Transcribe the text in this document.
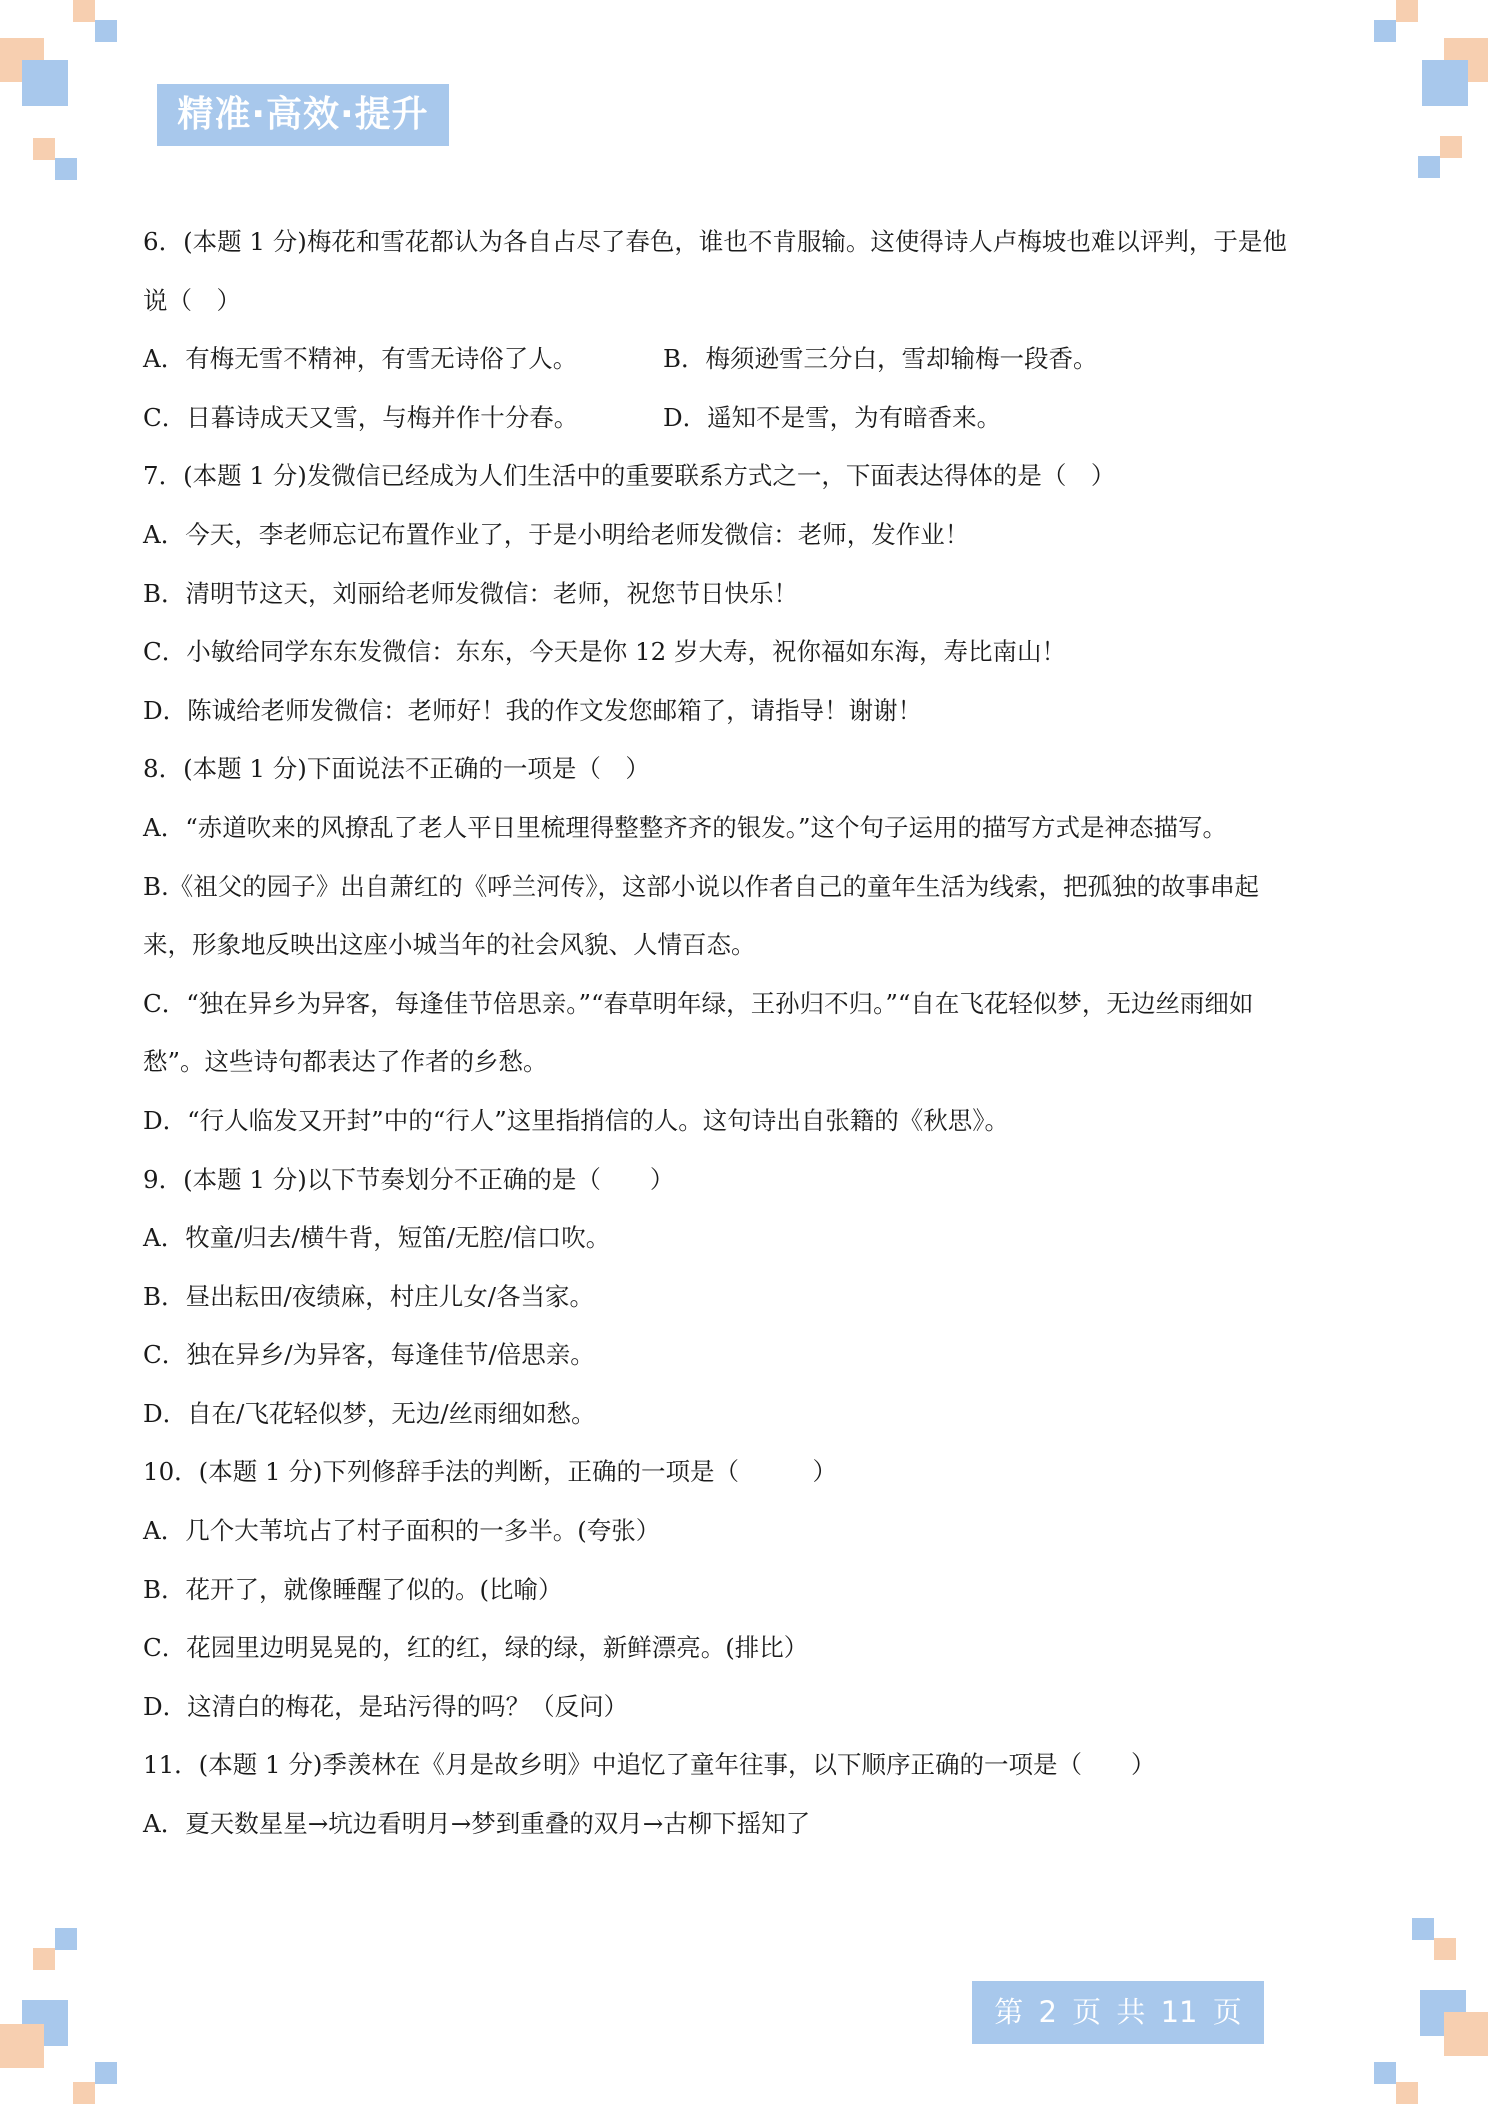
精准·高效·提升
6．(本题 1 分)梅花和雪花都认为各自占尽了春色，谁也不肯服输。这使得诗人卢梅坡也难以评判，于是他
说（　）
A．有梅无雪不精神，有雪无诗俗了人。	B．梅须逊雪三分白，雪却输梅一段香。
C．日暮诗成天又雪，与梅并作十分春。	D．遥知不是雪，为有暗香来。
7．(本题 1 分)发微信已经成为人们生活中的重要联系方式之一，下面表达得体的是（　）
A．今天，李老师忘记布置作业了，于是小明给老师发微信：老师，发作业！
B．清明节这天，刘丽给老师发微信：老师，祝您节日快乐！
C．小敏给同学东东发微信：东东，今天是你 12 岁大寿，祝你福如东海，寿比南山！
D．陈诚给老师发微信：老师好！我的作文发您邮箱了，请指导！谢谢！
8．(本题 1 分)下面说法不正确的一项是（　）
A．“赤道吹来的风撩乱了老人平日里梳理得整整齐齐的银发。”这个句子运用的描写方式是神态描写。
B.《祖父的园子》出自萧红的《呼兰河传》，这部小说以作者自己的童年生活为线索，把孤独的故事串起
来，形象地反映出这座小城当年的社会风貌、人情百态。
C．“独在异乡为异客，每逢佳节倍思亲。”“春草明年绿，王孙归不归。”“自在飞花轻似梦，无边丝雨细如
愁”。这些诗句都表达了作者的乡愁。
D．“行人临发又开封”中的“行人”这里指捎信的人。这句诗出自张籍的《秋思》。
9．(本题 1 分)以下节奏划分不正确的是（　　）
A．牧童/归去/横牛背，短笛/无腔/信口吹。
B．昼出耘田/夜绩麻，村庄儿女/各当家。
C．独在异乡/为异客，每逢佳节/倍思亲。
D．自在/飞花轻似梦，无边/丝雨细如愁。
10．(本题 1 分)下列修辞手法的判断，正确的一项是（　　　）
A．几个大苇坑占了村子面积的一多半。(夸张）
B．花开了，就像睡醒了似的。(比喻）
C．花园里边明晃晃的，红的红，绿的绿，新鲜漂亮。(排比）
D．这清白的梅花，是玷污得的吗？（反问）
11．(本题 1 分)季羡林在《月是故乡明》中追忆了童年往事，以下顺序正确的一项是（　　）
A．夏天数星星→坑边看明月→梦到重叠的双月→古柳下摇知了
第 2 页 共 11 页
